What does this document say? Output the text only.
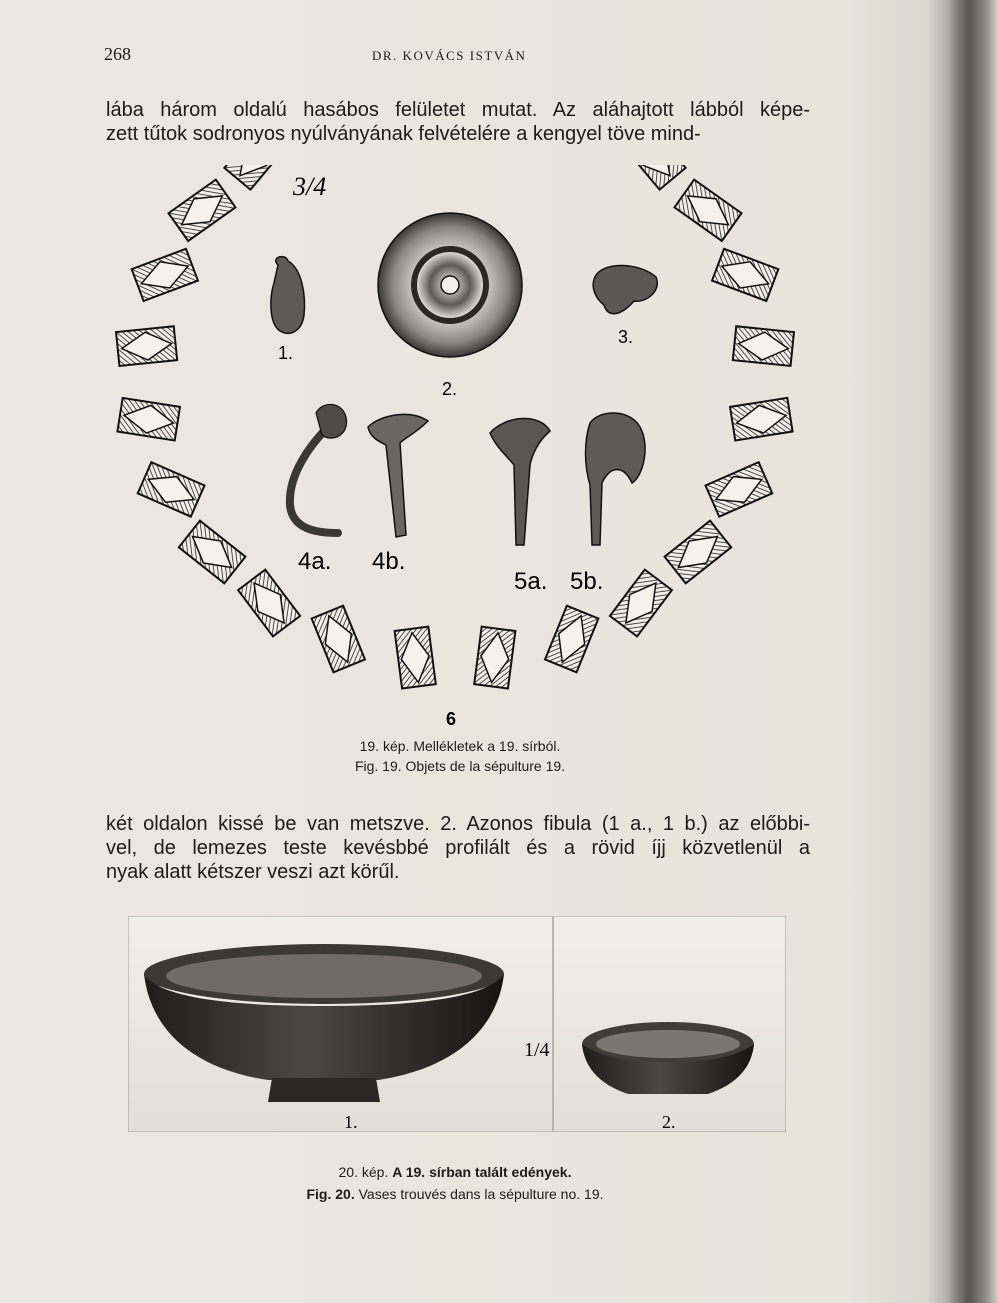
268	DR. KOVÁCS ISTVÁN
lába három oldalú hasábos felületet mutat. Az aláhajtott lábból képe-
zett tűtok sodronyos nyúlványának felvételére a kengyel töve mind-
3/4
1.
2.
3.
4a. 4b.
5a. 5b.
6
19. kép. Mellékletek a 19. sírból.
Fig. 19. Objets de la sépulture 19.
két oldalon kissé be van metszve. 2. Azonos fibula (1 a., 1 b.) az előbbi-
vel, de lemezes teste kevésbbé profilált és a rövid íjj közvetlenül a
nyak alatt kétszer veszi azt körűl.
1/4
1.	2.
20. kép. A 19. sírban talált edények.
Fig. 20. Vases trouvés dans la sépulture no. 19.
